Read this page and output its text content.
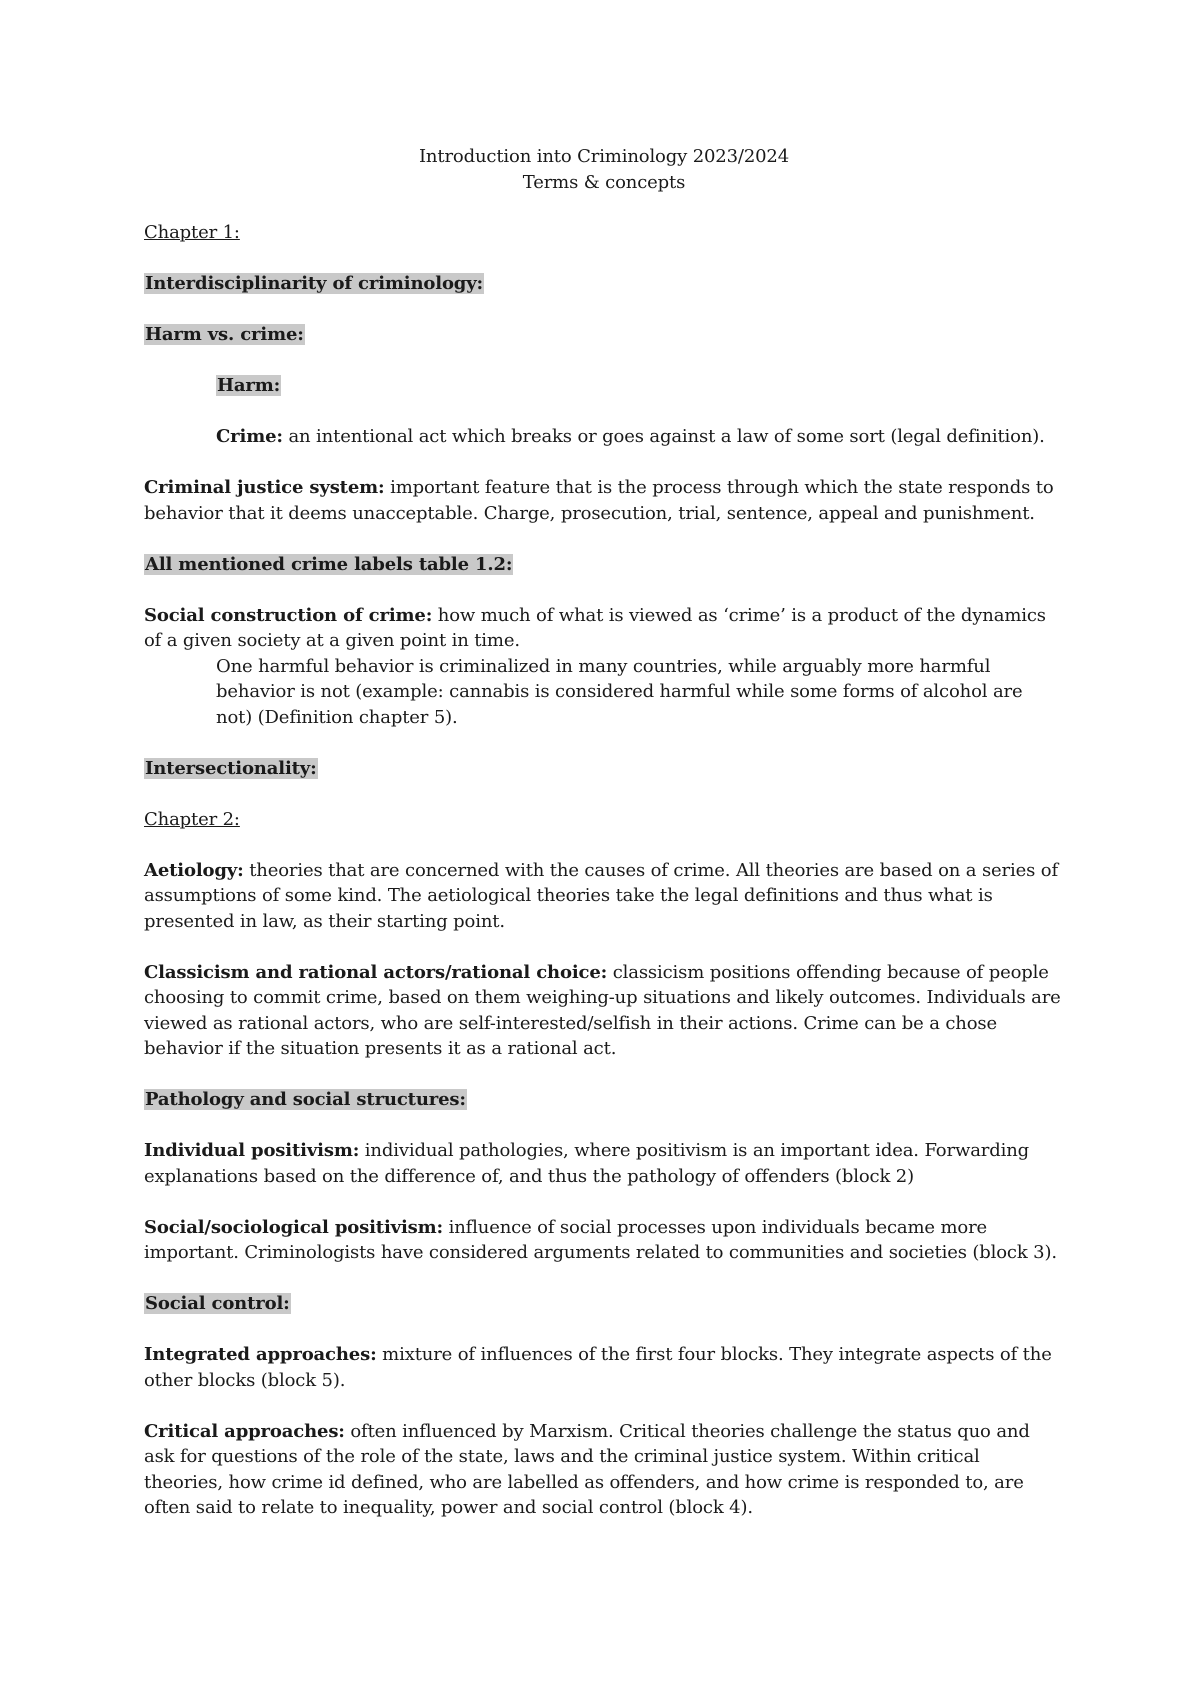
Introduction into Criminology 2023/2024
Terms & concepts

Chapter 1:

Interdisciplinarity of criminology:

Harm vs. crime:

Harm:

Crime: an intentional act which breaks or goes against a law of some sort (legal definition).

Criminal justice system: important feature that is the process through which the state responds to behavior that it deems unacceptable. Charge, prosecution, trial, sentence, appeal and punishment.

All mentioned crime labels table 1.2:

Social construction of crime: how much of what is viewed as ‘crime’ is a product of the dynamics of a given society at a given point in time.

One harmful behavior is criminalized in many countries, while arguably more harmful behavior is not (example: cannabis is considered harmful while some forms of alcohol are not) (Definition chapter 5).

Intersectionality:

Chapter 2:

Aetiology: theories that are concerned with the causes of crime. All theories are based on a series of assumptions of some kind. The aetiological theories take the legal definitions and thus what is presented in law, as their starting point.

Classicism and rational actors/rational choice: classicism positions offending because of people choosing to commit crime, based on them weighing-up situations and likely outcomes. Individuals are viewed as rational actors, who are self-interested/selfish in their actions. Crime can be a chose behavior if the situation presents it as a rational act.

Pathology and social structures:

Individual positivism: individual pathologies, where positivism is an important idea. Forwarding explanations based on the difference of, and thus the pathology of offenders (block 2)

Social/sociological positivism: influence of social processes upon individuals became more important. Criminologists have considered arguments related to communities and societies (block 3).

Social control:

Integrated approaches: mixture of influences of the first four blocks. They integrate aspects of the other blocks (block 5).

Critical approaches: often influenced by Marxism. Critical theories challenge the status quo and ask for questions of the role of the state, laws and the criminal justice system. Within critical theories, how crime id defined, who are labelled as offenders, and how crime is responded to, are often said to relate to inequality, power and social control (block 4).
